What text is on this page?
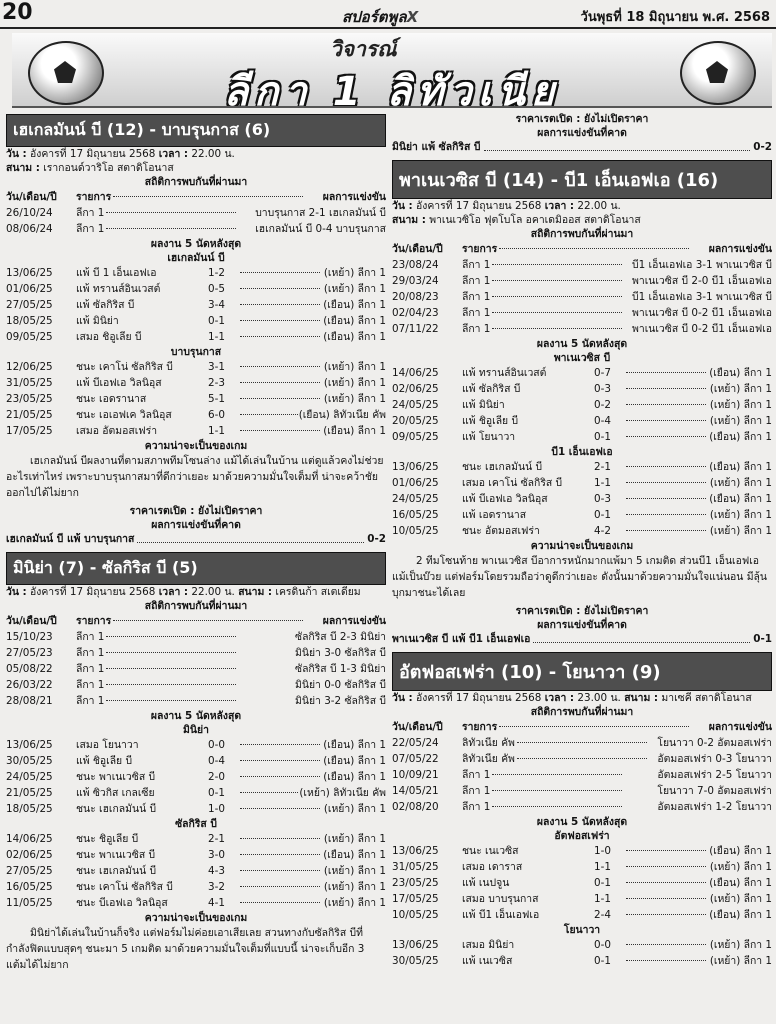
20	สปอร์ตพูลX	วันพุธที่ 18 มิถุนายน พ.ศ. 2568
วิจารณ์
ลีกา 1 ลิทัวเนีย
เฮเกลมันน์ บี (12) - บาบรุนกาส (6)
วัน : อังคารที่ 17 มิถุนายน 2568 เวลา : 22.00 น.
สนาม : เรากอนด์วาริโอ สตาดิโอนาส
สถิติการพบกันที่ผ่านมา
วัน/เดือน/ปี	รายการ	ผลการแข่งขัน
26/10/24	ลีกา 1	บาบรุนกาส 2-1 เฮเกลมันน์ บี
08/06/24	ลีกา 1	เฮเกลมันน์ บี 0-4 บาบรุนกาส
ผลงาน 5 นัดหลังสุด
เฮเกลมันน์ บี
13/06/25	แพ้ บี 1 เอ็นเอฟเอ	1-2	(เหย้า) ลีกา 1
01/06/25	แพ้ ทรานส์อินเวสต์	0-5	(เหย้า) ลีกา 1
27/05/25	แพ้ ซัลกิริส บี	3-4	(เยือน) ลีกา 1
18/05/25	แพ้ มินิย่า	0-1	(เยือน) ลีกา 1
09/05/25	เสมอ ชิอูเลีย บี	1-1	(เยือน) ลีกา 1
บาบรุนกาส
12/06/25	ชนะ เคาโน่ ซัลกิริส บี	3-1	(เหย้า) ลีกา 1
31/05/25	แพ้ บีเอฟเอ วิลนิอุส	2-3	(เหย้า) ลีกา 1
23/05/25	ชนะ เอดรานาส	5-1	(เหย้า) ลีกา 1
21/05/25	ชนะ เอเอฟเค วิลนิอุส	6-0	(เยือน) ลิทัวเนีย คัพ
17/05/25	เสมอ อัตมอสเฟร่า	1-1	(เยือน) ลีกา 1
ความน่าจะเป็นของเกม
เฮเกลมันน์ บีผลงานที่ตามสภาพทีมโซนล่าง แม้ได้เล่นในบ้าน แต่ดูแล้วคงไม่ช่วยอะไรเท่าไหร่ เพราะบาบรุนกาสมาที่ดีกว่าเยอะ มาด้วยความมั่นใจเต็มที่ น่าจะคว้าชัยออกไปได้ไม่ยาก
ราคาเรตเปิด : ยังไม่เปิดราคา
ผลการแข่งขันที่คาด
เฮเกลมันน์ บี แพ้ บาบรุนกาส	0-2
มินิย่า (7) - ซัลกิริส บี (5)
วัน : อังคารที่ 17 มิถุนายน 2568 เวลา : 22.00 น. สนาม : เครดินก้า สเตเดียม
สถิติการพบกันที่ผ่านมา
วัน/เดือน/ปี	รายการ	ผลการแข่งขัน
15/10/23	ลีกา 1	ซัลกิริส บี 2-3 มินิย่า
27/05/23	ลีกา 1	มินิย่า 3-0 ซัลกิริส บี
05/08/22	ลีกา 1	ซัลกิริส บี 1-3 มินิย่า
26/03/22	ลีกา 1	มินิย่า 0-0 ซัลกิริส บี
28/08/21	ลีกา 1	มินิย่า 3-2 ซัลกิริส บี
ผลงาน 5 นัดหลังสุด
มินิย่า
13/06/25	เสมอ โยนาวา	0-0	(เยือน) ลีกา 1
30/05/25	แพ้ ชิอูเลีย บี	0-4	(เยือน) ลีกา 1
24/05/25	ชนะ พาเนเวซิส บี	2-0	(เยือน) ลีกา 1
21/05/25	แพ้ ซิวกิส เกลเซีย	0-1	(เหย้า) ลิทัวเนีย คัพ
18/05/25	ชนะ เฮเกลมันน์ บี	1-0	(เหย้า) ลีกา 1
ซัลกิริส บี
14/06/25	ชนะ ชิอูเลีย บี	2-1	(เหย้า) ลีกา 1
02/06/25	ชนะ พาเนเวซิส บี	3-0	(เยือน) ลีกา 1
27/05/25	ชนะ เฮเกลมันน์ บี	4-3	(เหย้า) ลีกา 1
16/05/25	ชนะ เคาโน่ ซัลกิริส บี	3-2	(เหย้า) ลีกา 1
11/05/25	ชนะ บีเอฟเอ วิลนิอุส	4-1	(เหย้า) ลีกา 1
ความน่าจะเป็นของเกม
มินิย่าได้เล่นในบ้านก็จริง แต่ฟอร์มไม่ค่อยเอาเสียเลย สวนทางกับซัลกิริส บีที่กำลังฟิตแบบสุดๆ ชนะมา 5 เกมติด มาด้วยความมั่นใจเต็มที่แบบนี้ น่าจะเก็บอีก 3 แต้มได้ไม่ยาก
ราคาเรตเปิด : ยังไม่เปิดราคา
ผลการแข่งขันที่คาด
มินิย่า แพ้ ซัลกิริส บี	0-2
พาเนเวซิส บี (14) - บี1 เอ็นเอฟเอ (16)
วัน : อังคารที่ 17 มิถุนายน 2568 เวลา : 22.00 น.
สนาม : พาเนเวซิโอ ฟุตโบโล อคาเดมิออส สตาดิโอนาส
สถิติการพบกันที่ผ่านมา
วัน/เดือน/ปี	รายการ	ผลการแข่งขัน
23/08/24	ลีกา 1	บี1 เอ็นเอฟเอ 3-1 พาเนเวซิส บี
29/03/24	ลีกา 1	พาเนเวซิส บี 2-0 บี1 เอ็นเอฟเอ
20/08/23	ลีกา 1	บี1 เอ็นเอฟเอ 3-1 พาเนเวซิส บี
02/04/23	ลีกา 1	พาเนเวซิส บี 0-2 บี1 เอ็นเอฟเอ
07/11/22	ลีกา 1	พาเนเวซิส บี 0-2 บี1 เอ็นเอฟเอ
ผลงาน 5 นัดหลังสุด
พาเนเวซิส บี
14/06/25	แพ้ ทรานส์อินเวสต์	0-7	(เยือน) ลีกา 1
02/06/25	แพ้ ซัลกิริส บี	0-3	(เหย้า) ลีกา 1
24/05/25	แพ้ มินิย่า	0-2	(เหย้า) ลีกา 1
20/05/25	แพ้ ชิอูเลีย บี	0-4	(เหย้า) ลีกา 1
09/05/25	แพ้ โยนาวา	0-1	(เยือน) ลีกา 1
บี1 เอ็นเอฟเอ
13/06/25	ชนะ เฮเกลมันน์ บี	2-1	(เยือน) ลีกา 1
01/06/25	เสมอ เคาโน่ ซัลกิริส บี	1-1	(เหย้า) ลีกา 1
24/05/25	แพ้ บีเอฟเอ วิลนิอุส	0-3	(เยือน) ลีกา 1
16/05/25	แพ้ เอดรานาส	0-1	(เหย้า) ลีกา 1
10/05/25	ชนะ อัตมอสเฟร่า	4-2	(เหย้า) ลีกา 1
ความน่าจะเป็นของเกม
2 ทีมโซนท้าย พาเนเวซิส บีอาการหนักมากแพ้มา 5 เกมติด ส่วนบี1 เอ็นเอฟเอแม้เป็นบ๊วย แต่ฟอร์มโดยรวมถือว่าดูดีกว่าเยอะ ดังนั้นมาด้วยความมั่นใจแน่นอน มีลุ้นบุกมาชนะได้เลย
ราคาเรตเปิด : ยังไม่เปิดราคา
ผลการแข่งขันที่คาด
พาเนเวซิส บี แพ้ บี1 เอ็นเอฟเอ	0-1
อัตฟอสเฟร่า (10) - โยนาวา (9)
วัน : อังคารที่ 17 มิถุนายน 2568 เวลา : 23.00 น. สนาม : มาเซคี สตาดิโอนาส
สถิติการพบกันที่ผ่านมา
วัน/เดือน/ปี	รายการ	ผลการแข่งขัน
22/05/24	ลิทัวเนีย คัพ	โยนาวา 0-2 อัตมอสเฟร่า
07/05/22	ลิทัวเนีย คัพ	อัตมอสเฟร่า 0-3 โยนาวา
10/09/21	ลีกา 1	อัตมอสเฟร่า 2-5 โยนาวา
14/05/21	ลีกา 1	โยนาวา 7-0 อัตมอสเฟร่า
02/08/20	ลีกา 1	อัตมอสเฟร่า 1-2 โยนาวา
ผลงาน 5 นัดหลังสุด
อัตฟอสเฟร่า
13/06/25	ชนะ เนเวซิส	1-0	(เยือน) ลีกา 1
31/05/25	เสมอ เดาราส	1-1	(เหย้า) ลีกา 1
23/05/25	แพ้ เนปจูน	0-1	(เยือน) ลีกา 1
17/05/25	เสมอ บาบรุนกาส	1-1	(เหย้า) ลีกา 1
10/05/25	แพ้ บี1 เอ็นเอฟเอ	2-4	(เยือน) ลีกา 1
โยนาวา
13/06/25	เสมอ มินิย่า	0-0	(เหย้า) ลีกา 1
30/05/25	แพ้ เนเวซิส	0-1	(เหย้า) ลีกา 1
